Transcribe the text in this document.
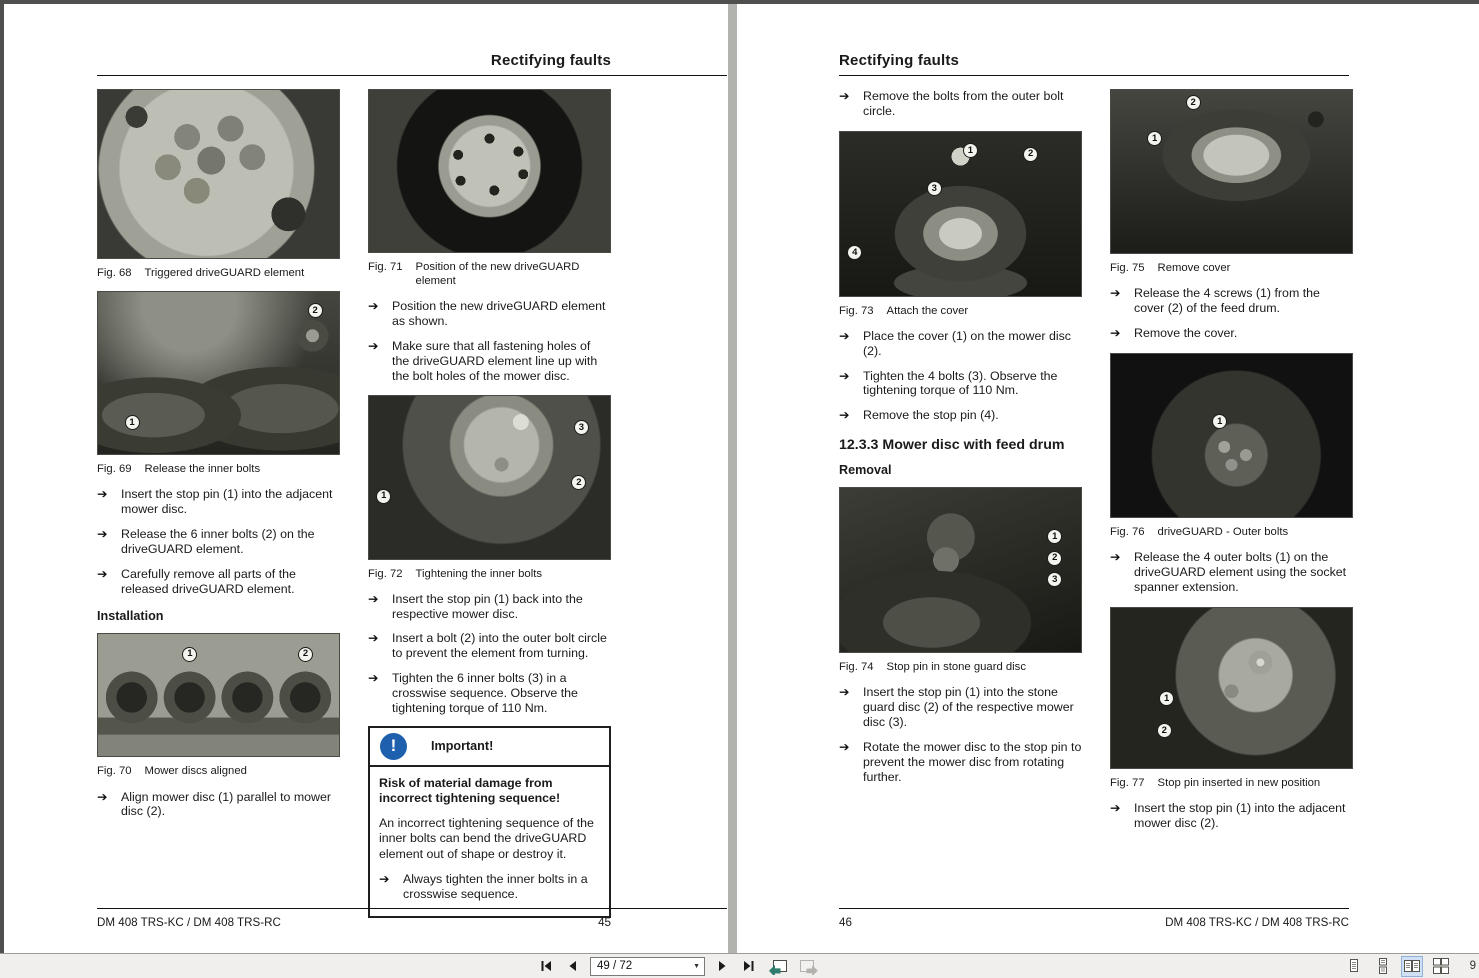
Rectifying faults
Fig. 68 Triggered driveGUARD element
2
1
Fig. 69 Release the inner bolts
➔	Insert the stop pin (1) into the adjacent mower disc.
➔	Release the 6 inner bolts (2) on the driveGUARD element.
➔	Carefully remove all parts of the released driveGUARD element.
Installation
1	2
Fig. 70 Mower discs aligned
➔	Align mower disc (1) parallel to mower disc (2).
Fig. 71 Position of the new driveGUARD element
➔	Position the new driveGUARD element as shown.
➔	Make sure that all fastening holes of the driveGUARD element line up with the bolt holes of the mower disc.
3
2
1
Fig. 72 Tightening the inner bolts
➔	Insert the stop pin (1) back into the respective mower disc.
➔	Insert a bolt (2) into the outer bolt circle to prevent the element from turning.
➔	Tighten the 6 inner bolts (3) in a crosswise sequence. Observe the tightening torque of 110 Nm.
!	Important!
Risk of material damage from incorrect tightening sequence!
An incorrect tightening sequence of the inner bolts can bend the driveGUARD element out of shape or destroy it.
➔	Always tighten the inner bolts in a crosswise sequence.
DM 408 TRS-KC / DM 408 TRS-RC	45
Rectifying faults
➔	Remove the bolts from the outer bolt circle.
1	2
3
4
Fig. 73 Attach the cover
➔	Place the cover (1) on the mower disc (2).
➔	Tighten the 4 bolts (3). Observe the tightening torque of 110 Nm.
➔	Remove the stop pin (4).
12.3.3 Mower disc with feed drum
Removal
1
2
3
Fig. 74 Stop pin in stone guard disc
➔	Insert the stop pin (1) into the stone guard disc (2) of the respective mower disc (3).
➔	Rotate the mower disc to the stop pin to prevent the mower disc from rotating further.
2
1
Fig. 75 Remove cover
➔	Release the 4 screws (1) from the cover (2) of the feed drum.
➔	Remove the cover.
1
Fig. 76 driveGUARD - Outer bolts
➔	Release the 4 outer bolts (1) on the driveGUARD element using the socket spanner extension.
1
2
Fig. 77 Stop pin inserted in new position
➔	Insert the stop pin (1) into the adjacent mower disc (2).
46	DM 408 TRS-KC / DM 408 TRS-RC
49 / 72
▼	9
